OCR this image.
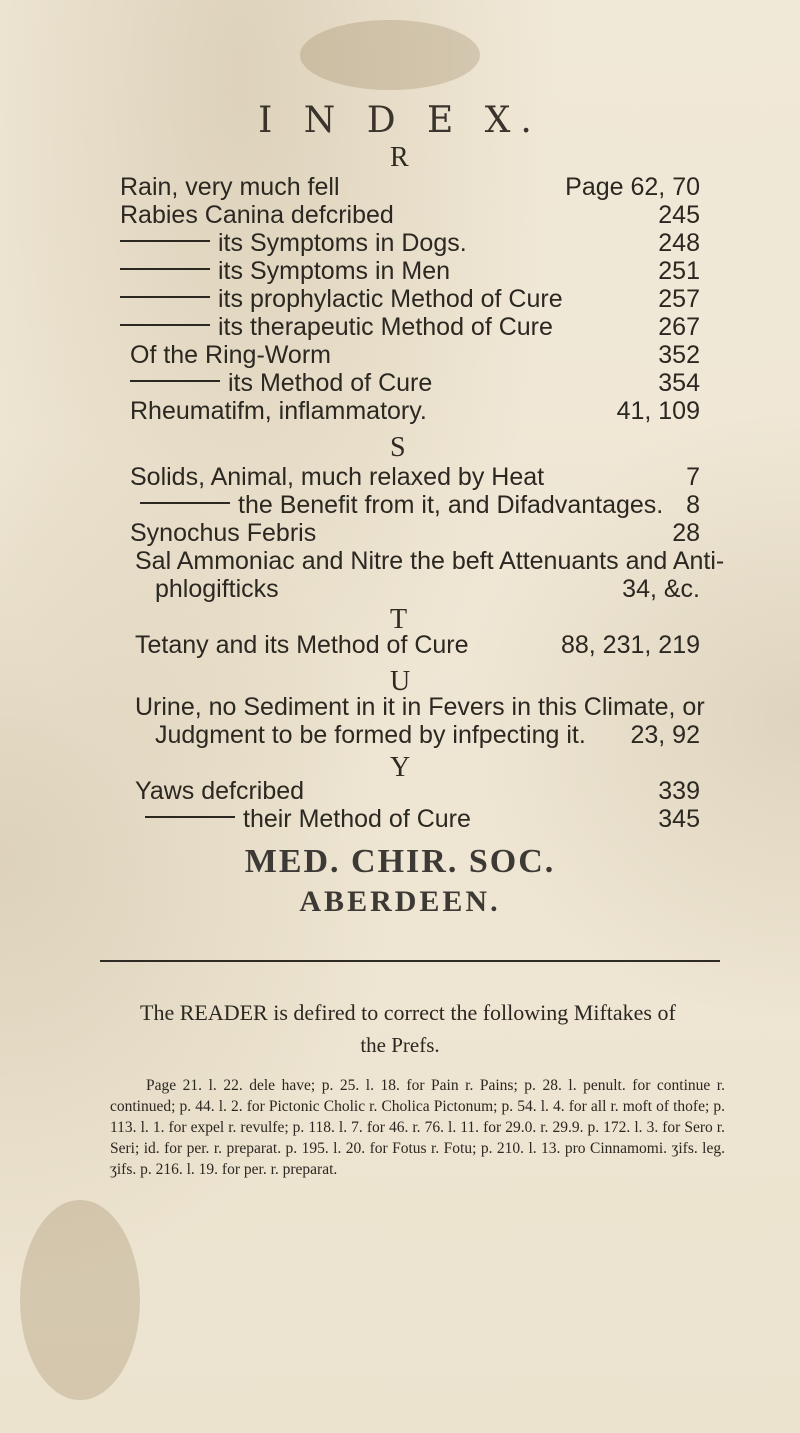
I N D E X.
R
Rain, very much fell	Page 62, 70
Rabies Canina defcribed	245
its Symptoms in Dogs.	248
its Symptoms in Men	251
its prophylactic Method of Cure	257
its therapeutic Method of Cure	267
Of the Ring-Worm	352
its Method of Cure	354
Rheumatifm, inflammatory.	41, 109
S
Solids, Animal, much relaxed by Heat	7
the Benefit from it, and Difadvantages. 8
Synochus Febris	28
Sal Ammoniac and Nitre the beft Attenuants and Anti-
phlogifticks	34, &c.
T
Tetany and its Method of Cure	88, 231, 219
U
Urine, no Sediment in it in Fevers in this Climate, or
Judgment to be formed by infpecting it. 23, 92
Y
Yaws defcribed	339
their Method of Cure	345
MED. CHIR. SOC.
ABERDEEN.
The READER is defired to correct the following Miftakes of
the Prefs.
Page 21. l. 22. dele have; p. 25. l. 18. for Pain r. Pains; p. 28. l. penult. for continue r. continued; p. 44. l. 2. for Pictonic Cholic r. Cholica Pictonum; p. 54. l. 4. for all r. moft of thofe; p. 113. l. 1. for expel r. revulfe; p. 118. l. 7. for 46. r. 76. l. 11. for 29.0. r. 29.9. p. 172. l. 3. for Sero r. Seri; id. for per. r. preparat. p. 195. l. 20. for Fotus r. Fotu; p. 210. l. 13. pro Cinnamomi. ʒifs. leg. ʒifs. p. 216. l. 19. for per. r. preparat.
